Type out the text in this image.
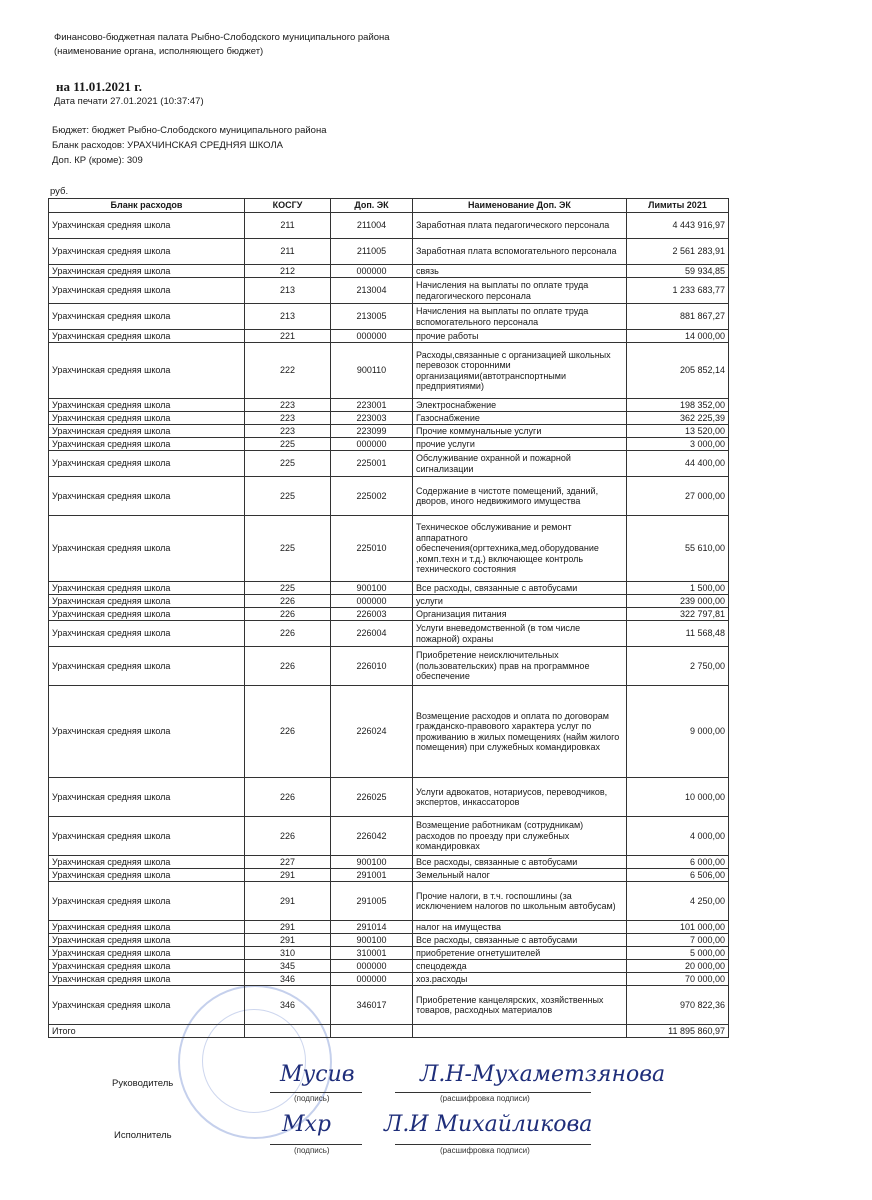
Финансово-бюджетная палата Рыбно-Слободского муниципального района
(наименование органа, исполняющего бюджет)
на 11.01.2021 г.
Дата печати 27.01.2021 (10:37:47)
Бюджет: бюджет Рыбно-Слободского муниципального района
Бланк расходов: УРАХЧИНСКАЯ СРЕДНЯЯ ШКОЛА
Доп. КР (кроме): 309
руб.
Бланк расходов	КОСГУ	Доп. ЭК	Наименование Доп. ЭК	Лимиты 2021
Урахчинская средняя школа	211	211004	Заработная плата педагогического персонала	4 443 916,97
Урахчинская средняя школа	211	211005	Заработная плата вспомогательного персонала	2 561 283,91
Урахчинская средняя школа	212	000000	связь	59 934,85
Урахчинская средняя школа	213	213004	Начисления на выплаты по оплате труда педагогического персонала	1 233 683,77
Урахчинская средняя школа	213	213005	Начисления на выплаты по оплате труда вспомогательного персонала	881 867,27
Урахчинская средняя школа	221	000000	прочие работы	14 000,00
Урахчинская средняя школа	222	900110	Расходы,связанные с организацией школьных перевозок сторонними организациями(автотранспортными предприятиями)	205 852,14
Урахчинская средняя школа	223	223001	Электроснабжение	198 352,00
Урахчинская средняя школа	223	223003	Газоснабжение	362 225,39
Урахчинская средняя школа	223	223099	Прочие коммунальные услуги	13 520,00
Урахчинская средняя школа	225	000000	прочие услуги	3 000,00
Урахчинская средняя школа	225	225001	Обслуживание охранной и пожарной сигнализации	44 400,00
Урахчинская средняя школа	225	225002	Содержание в чистоте помещений, зданий, дворов, иного недвижимого имущества	27 000,00
Урахчинская средняя школа	225	225010	Техническое обслуживание и ремонт аппаратного обеспечения(оргтехника,мед.оборудование ,комп.техн и т.д.) включающее контроль технического состояния	55 610,00
Урахчинская средняя школа	225	900100	Все расходы, связанные с автобусами	1 500,00
Урахчинская средняя школа	226	000000	услуги	239 000,00
Урахчинская средняя школа	226	226003	Организация питания	322 797,81
Урахчинская средняя школа	226	226004	Услуги вневедомственной (в том числе пожарной) охраны	11 568,48
Урахчинская средняя школа	226	226010	Приобретение неисключительных (пользовательских) прав на программное обеспечение	2 750,00
Урахчинская средняя школа	226	226024	Возмещение расходов и оплата по договорам гражданско-правового характера услуг по проживанию в жилых помещениях (найм жилого помещения) при служебных командировках	9 000,00
Урахчинская средняя школа	226	226025	Услуги адвокатов, нотариусов, переводчиков, экспертов, инкассаторов	10 000,00
Урахчинская средняя школа	226	226042	Возмещение работникам (сотрудникам) расходов по проезду при служебных командировках	4 000,00
Урахчинская средняя школа	227	900100	Все расходы, связанные с автобусами	6 000,00
Урахчинская средняя школа	291	291001	Земельный налог	6 506,00
Урахчинская средняя школа	291	291005	Прочие налоги, в т.ч. госпошлины (за исключением налогов по школьным автобусам)	4 250,00
Урахчинская средняя школа	291	291014	налог на имущества	101 000,00
Урахчинская средняя школа	291	900100	Все расходы, связанные с автобусами	7 000,00
Урахчинская средняя школа	310	310001	приобретение огнетушителей	5 000,00
Урахчинская средняя школа	345	000000	спецодежда	20 000,00
Урахчинская средняя школа	346	000000	хоз.расходы	70 000,00
Урахчинская средняя школа	346	346017	Приобретение канцелярских, хозяйственных товаров, расходных материалов	970 822,36
Итого				11 895 860,97
Руководитель	Мусив	Л.Н-Мухаметзянова
(подпись)	(расшифровка подписи)
Исполнитель	Мхр Л.И Михайликова
(подпись)	(расшифровка подписи)
